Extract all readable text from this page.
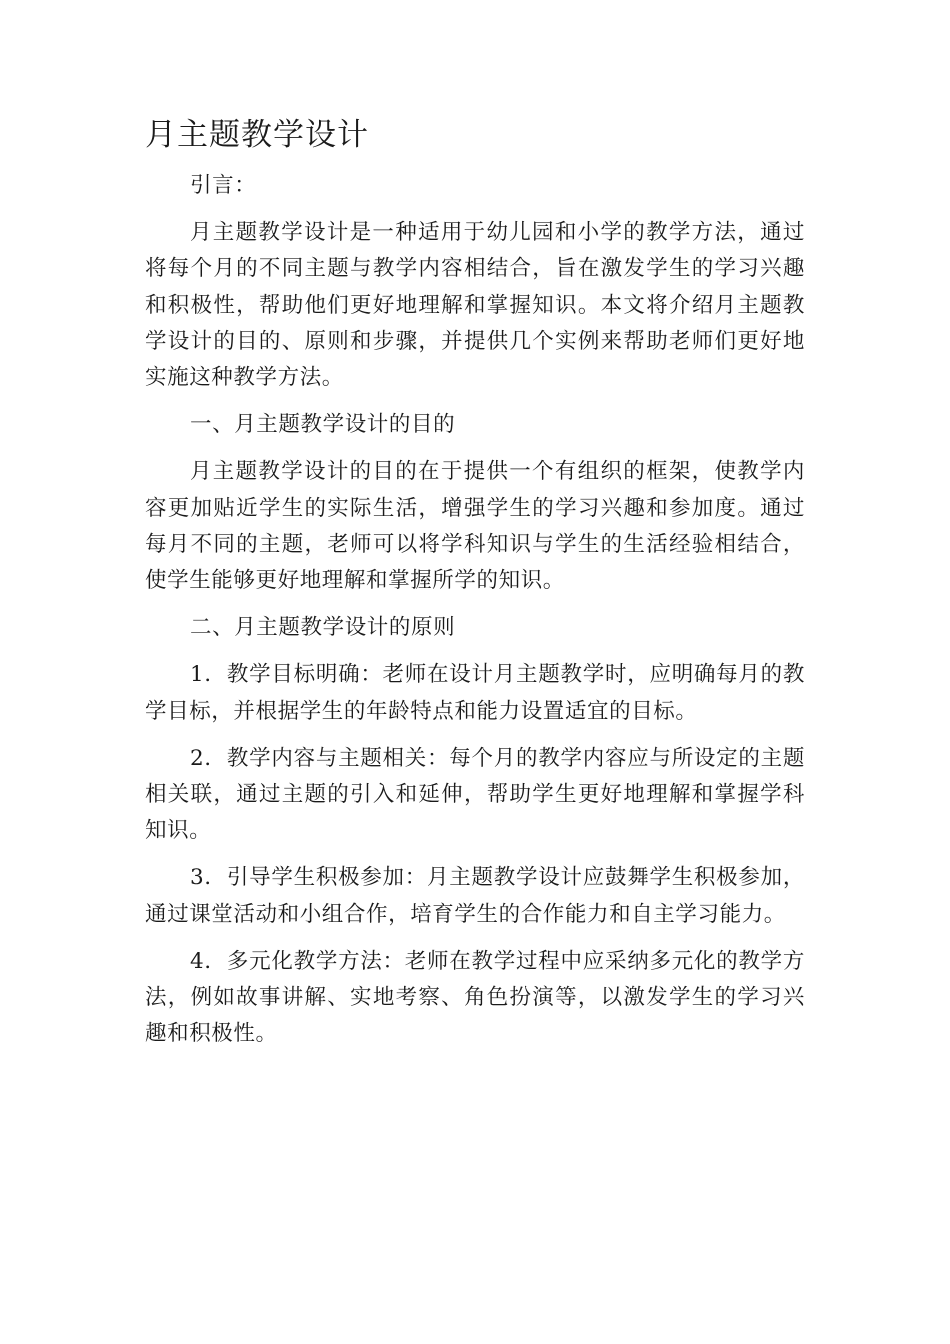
月主题教学设计

引言：

月主题教学设计是一种适用于幼儿园和小学的教学方法，通过将每个月的不同主题与教学内容相结合，旨在激发学生的学习兴趣和积极性，帮助他们更好地理解和掌握知识。本文将介绍月主题教学设计的目的、原则和步骤，并提供几个实例来帮助老师们更好地实施这种教学方法。

一、月主题教学设计的目的

月主题教学设计的目的在于提供一个有组织的框架，使教学内容更加贴近学生的实际生活，增强学生的学习兴趣和参加度。通过每月不同的主题，老师可以将学科知识与学生的生活经验相结合，使学生能够更好地理解和掌握所学的知识。

二、月主题教学设计的原则

1. 教学目标明确：老师在设计月主题教学时，应明确每月的教学目标，并根据学生的年龄特点和能力设置适宜的目标。

2. 教学内容与主题相关：每个月的教学内容应与所设定的主题相关联，通过主题的引入和延伸，帮助学生更好地理解和掌握学科知识。

3. 引导学生积极参加：月主题教学设计应鼓舞学生积极参加，通过课堂活动和小组合作，培育学生的合作能力和自主学习能力。

4. 多元化教学方法：老师在教学过程中应采纳多元化的教学方法，例如故事讲解、实地考察、角色扮演等，以激发学生的学习兴趣和积极性。
